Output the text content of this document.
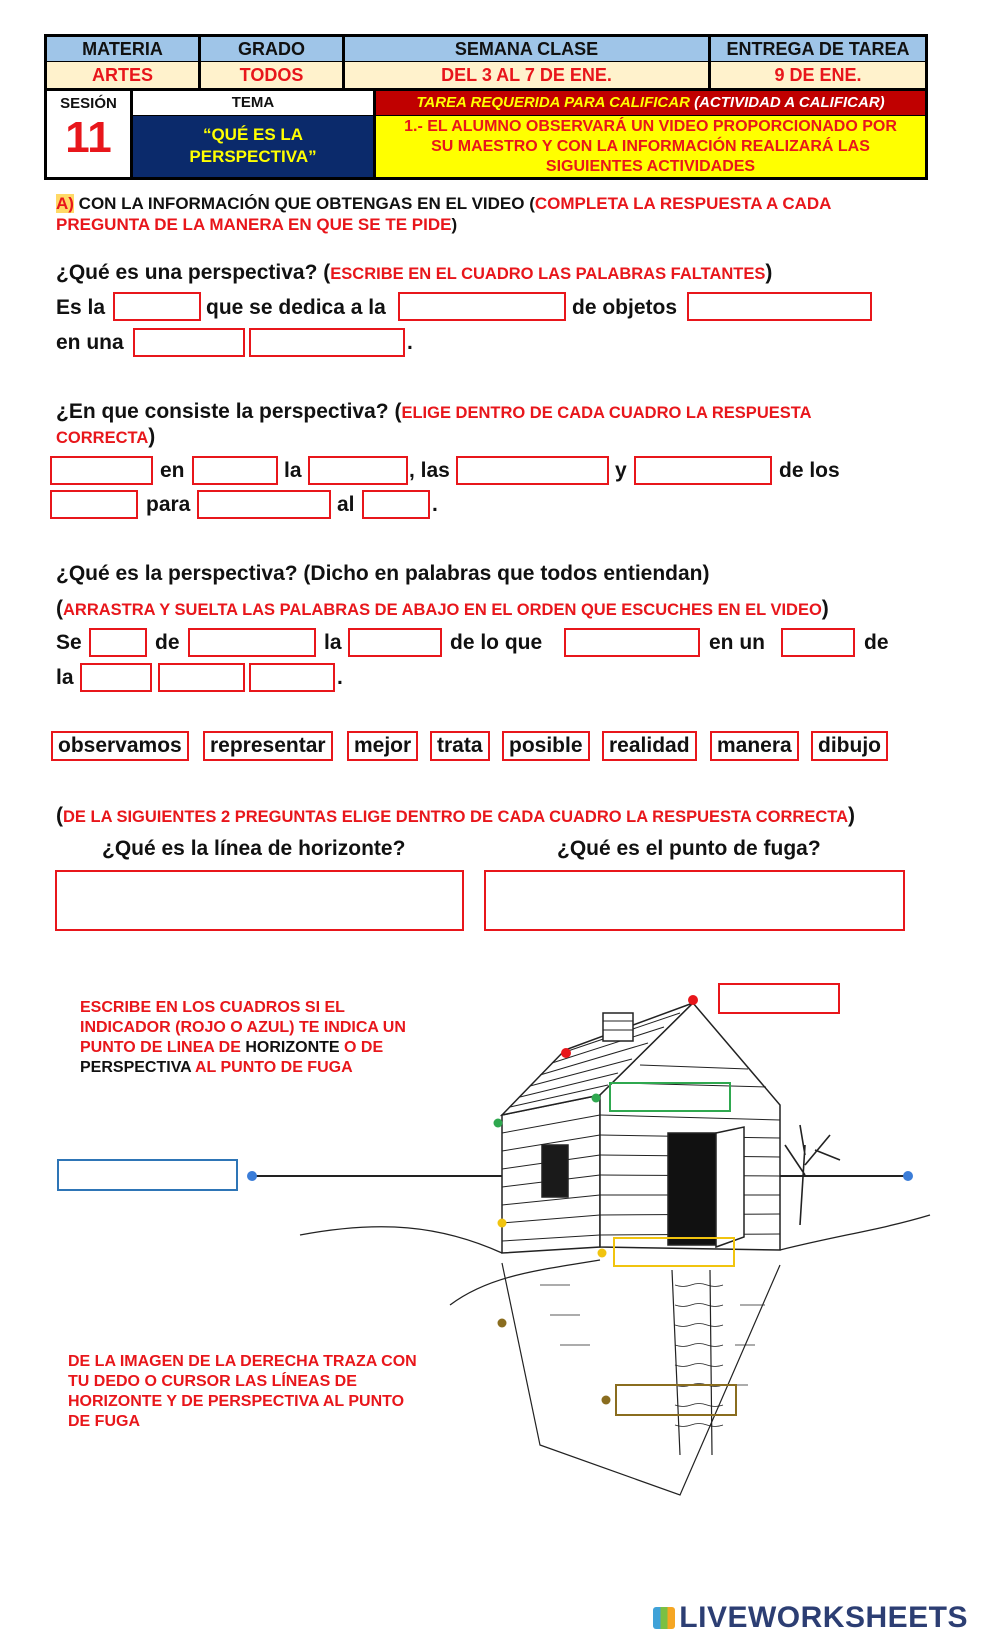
MATERIA	GRADO	SEMANA CLASE	ENTREGA DE TAREA
ARTES	TODOS	DEL 3 AL 7 DE ENE.	9 DE ENE.
SESIÓN
11
TEMA
“QUÉ ES LA
PERSPECTIVA”
TAREA REQUERIDA PARA CALIFICAR (ACTIVIDAD A CALIFICAR)
1.- EL ALUMNO OBSERVARÁ UN VIDEO PROPORCIONADO POR
SU MAESTRO Y CON LA INFORMACIÓN REALIZARÁ LAS
SIGUIENTES ACTIVIDADES
A) CON LA INFORMACIÓN QUE OBTENGAS EN EL VIDEO (COMPLETA LA RESPUESTA A CADA
PREGUNTA DE LA MANERA EN QUE SE TE PIDE)
¿Qué es una perspectiva? (ESCRIBE EN EL CUADRO LAS PALABRAS FALTANTES)
Es la	que se dedica a la	de objetos
en una	.
¿En que consiste la perspectiva? (ELIGE DENTRO DE CADA CUADRO LA RESPUESTA
CORRECTA)
en	la	, las	y	de los
para	al	.
¿Qué es la perspectiva? (Dicho en palabras que todos entiendan)
(ARRASTRA Y SUELTA LAS PALABRAS DE ABAJO EN EL ORDEN QUE ESCUCHES EN EL VIDEO)
Se	de	la	de lo que	en un	de
la	.
observamos	representar	mejor	trata	posible	realidad	manera	dibujo
(DE LA SIGUIENTES 2 PREGUNTAS ELIGE DENTRO DE CADA CUADRO LA RESPUESTA CORRECTA)
¿Qué es la línea de horizonte?	¿Qué es el punto de fuga?
ESCRIBE EN LOS CUADROS SI EL
INDICADOR (ROJO O AZUL) TE INDICA UN
PUNTO DE LINEA DE HORIZONTE O DE
PERSPECTIVA AL PUNTO DE FUGA
DE LA IMAGEN DE LA DERECHA TRAZA CON
TU DEDO O CURSOR LAS LÍNEAS DE
HORIZONTE Y DE PERSPECTIVA AL PUNTO
DE FUGA
LIVEWORKSHEETS
